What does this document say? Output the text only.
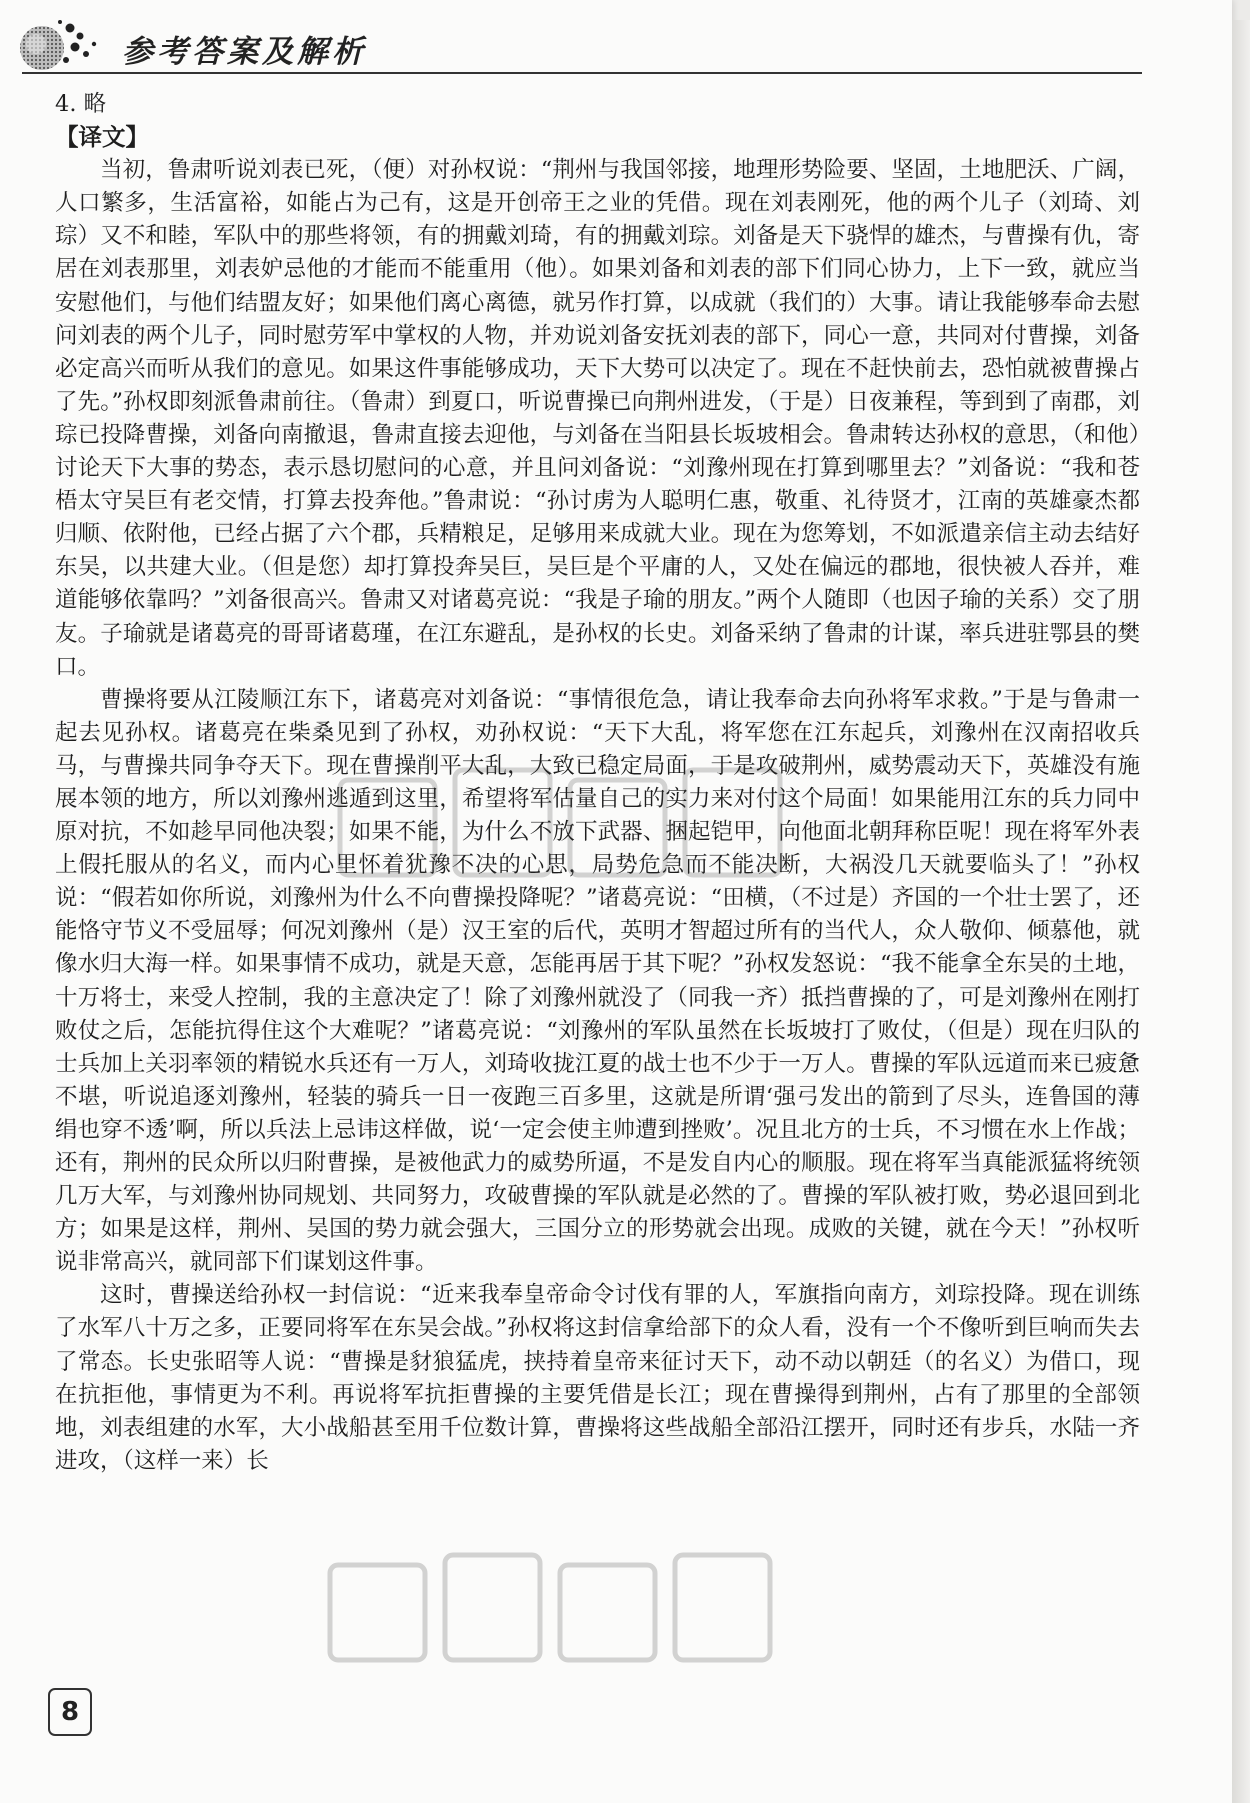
参考答案及解析

4. 略

【译文】

当初，鲁肃听说刘表已死，（便）对孙权说：“荆州与我国邻接，地理形势险要、坚固，土地肥沃、广阔，人口繁多，生活富裕，如能占为己有，这是开创帝王之业的凭借。现在刘表刚死，他的两个儿子（刘琦、刘琮）又不和睦，军队中的那些将领，有的拥戴刘琦，有的拥戴刘琮。刘备是天下骁悍的雄杰，与曹操有仇，寄居在刘表那里，刘表妒忌他的才能而不能重用（他）。如果刘备和刘表的部下们同心协力，上下一致，就应当安慰他们，与他们结盟友好；如果他们离心离德，就另作打算，以成就（我们的）大事。请让我能够奉命去慰问刘表的两个儿子，同时慰劳军中掌权的人物，并劝说刘备安抚刘表的部下，同心一意，共同对付曹操，刘备必定高兴而听从我们的意见。如果这件事能够成功，天下大势可以决定了。现在不赶快前去，恐怕就被曹操占了先。”孙权即刻派鲁肃前往。（鲁肃）到夏口，听说曹操已向荆州进发，（于是）日夜兼程，等到到了南郡，刘琮已投降曹操，刘备向南撤退，鲁肃直接去迎他，与刘备在当阳县长坂坡相会。鲁肃转达孙权的意思，（和他）讨论天下大事的势态，表示恳切慰问的心意，并且问刘备说：“刘豫州现在打算到哪里去？”刘备说：“我和苍梧太守吴巨有老交情，打算去投奔他。”鲁肃说：“孙讨虏为人聪明仁惠，敬重、礼待贤才，江南的英雄豪杰都归顺、依附他，已经占据了六个郡，兵精粮足，足够用来成就大业。现在为您筹划，不如派遣亲信主动去结好东吴，以共建大业。（但是您）却打算投奔吴巨，吴巨是个平庸的人，又处在偏远的郡地，很快被人吞并，难道能够依靠吗？”刘备很高兴。鲁肃又对诸葛亮说：“我是子瑜的朋友。”两个人随即（也因子瑜的关系）交了朋友。子瑜就是诸葛亮的哥哥诸葛瑾，在江东避乱，是孙权的长史。刘备采纳了鲁肃的计谋，率兵进驻鄂县的樊口。

曹操将要从江陵顺江东下，诸葛亮对刘备说：“事情很危急，请让我奉命去向孙将军求救。”于是与鲁肃一起去见孙权。诸葛亮在柴桑见到了孙权，劝孙权说：“天下大乱，将军您在江东起兵，刘豫州在汉南招收兵马，与曹操共同争夺天下。现在曹操削平大乱，大致已稳定局面，于是攻破荆州，威势震动天下，英雄没有施展本领的地方，所以刘豫州逃遁到这里，希望将军估量自己的实力来对付这个局面！如果能用江东的兵力同中原对抗，不如趁早同他决裂；如果不能，为什么不放下武器、捆起铠甲，向他面北朝拜称臣呢！现在将军外表上假托服从的名义，而内心里怀着犹豫不决的心思，局势危急而不能决断，大祸没几天就要临头了！”孙权说：“假若如你所说，刘豫州为什么不向曹操投降呢？”诸葛亮说：“田横，（不过是）齐国的一个壮士罢了，还能恪守节义不受屈辱；何况刘豫州（是）汉王室的后代，英明才智超过所有的当代人，众人敬仰、倾慕他，就像水归大海一样。如果事情不成功，就是天意，怎能再居于其下呢？”孙权发怒说：“我不能拿全东吴的土地，十万将士，来受人控制，我的主意决定了！除了刘豫州就没了（同我一齐）抵挡曹操的了，可是刘豫州在刚打败仗之后，怎能抗得住这个大难呢？”诸葛亮说：“刘豫州的军队虽然在长坂坡打了败仗，（但是）现在归队的士兵加上关羽率领的精锐水兵还有一万人，刘琦收拢江夏的战士也不少于一万人。曹操的军队远道而来已疲惫不堪，听说追逐刘豫州，轻装的骑兵一日一夜跑三百多里，这就是所谓‘强弓发出的箭到了尽头，连鲁国的薄绢也穿不透’啊，所以兵法上忌讳这样做，说‘一定会使主帅遭到挫败’。况且北方的士兵，不习惯在水上作战；还有，荆州的民众所以归附曹操，是被他武力的威势所逼，不是发自内心的顺服。现在将军当真能派猛将统领几万大军，与刘豫州协同规划、共同努力，攻破曹操的军队就是必然的了。曹操的军队被打败，势必退回到北方；如果是这样，荆州、吴国的势力就会强大，三国分立的形势就会出现。成败的关键，就在今天！”孙权听说非常高兴，就同部下们谋划这件事。

这时，曹操送给孙权一封信说：“近来我奉皇帝命令讨伐有罪的人，军旗指向南方，刘琮投降。现在训练了水军八十万之多，正要同将军在东吴会战。”孙权将这封信拿给部下的众人看，没有一个不像听到巨响而失去了常态。长史张昭等人说：“曹操是豺狼猛虎，挟持着皇帝来征讨天下，动不动以朝廷（的名义）为借口，现在抗拒他，事情更为不利。再说将军抗拒曹操的主要凭借是长江；现在曹操得到荆州，占有了那里的全部领地，刘表组建的水军，大小战船甚至用千位数计算，曹操将这些战船全部沿江摆开，同时还有步兵，水陆一齐进攻，（这样一来）长

8
